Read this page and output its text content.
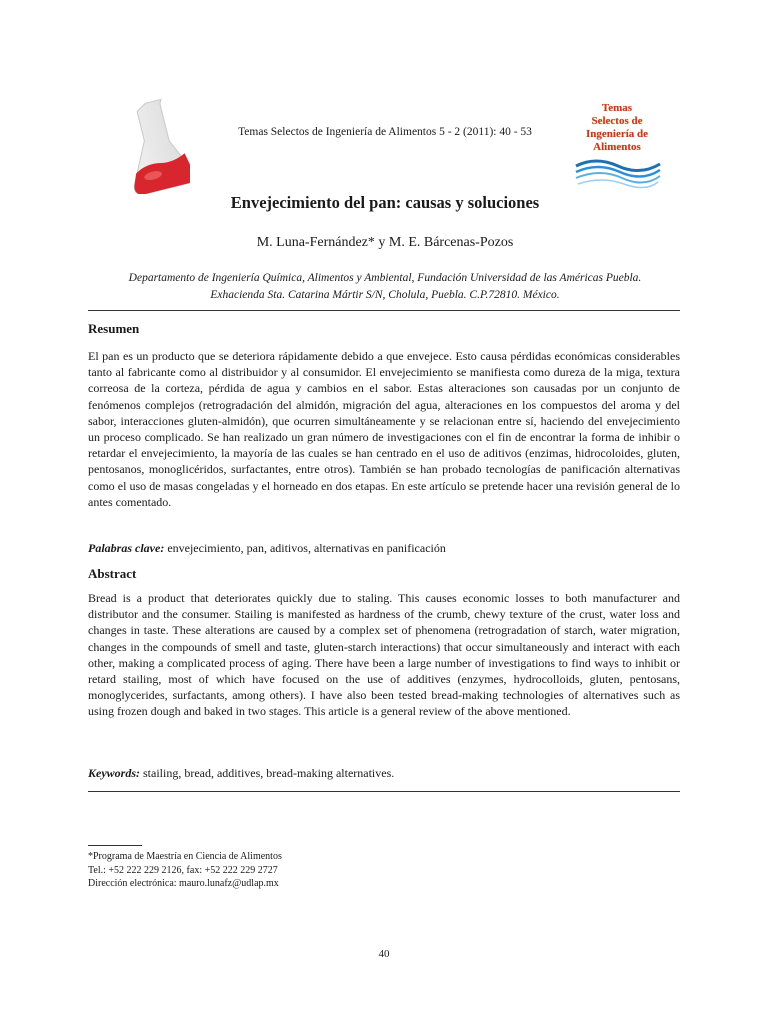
Temas Selectos de Ingeniería de Alimentos 5 - 2 (2011): 40 - 53
Temas
Selectos de
Ingeniería de
Alimentos
Envejecimiento del pan: causas y soluciones
M. Luna-Fernández* y M. E. Bárcenas-Pozos
Departamento de Ingeniería Química, Alimentos y Ambiental, Fundación Universidad de las Américas Puebla.
Exhacienda Sta. Catarina Mártir S/N, Cholula, Puebla. C.P.72810. México.
Resumen

El pan es un producto que se deteriora rápidamente debido a que envejece. Esto causa pérdidas económicas considerables tanto al fabricante como al distribuidor y al consumidor. El envejecimiento se manifiesta como dureza de la miga, textura correosa de la corteza, pérdida de agua y cambios en el sabor. Estas alteraciones son causadas por un conjunto de fenómenos complejos (retrogradación del almidón, migración del agua, alteraciones en los compuestos del aroma y del sabor, interacciones gluten-almidón), que ocurren simultáneamente y se relacionan entre sí, haciendo del envejecimiento un proceso complicado. Se han realizado un gran número de investigaciones con el fin de encontrar la forma de inhibir o retardar el envejecimiento, la mayoría de las cuales se han centrado en el uso de aditivos (enzimas, hidrocoloides, gluten, pentosanos, monoglicéridos, surfactantes, entre otros). También se han probado tecnologías de panificación alternativas como el uso de masas congeladas y el horneado en dos etapas. En este artículo se pretende hacer una revisión general de lo antes comentado.

Palabras clave: envejecimiento, pan, aditivos, alternativas en panificación
Abstract

Bread is a product that deteriorates quickly due to staling. This causes economic losses to both manufacturer and distributor and the consumer. Stailing is manifested as hardness of the crumb, chewy texture of the crust, water loss and changes in taste. These alterations are caused by a complex set of phenomena (retrogradation of starch, water migration, changes in the compounds of smell and taste, gluten-starch interactions) that occur simultaneously and interact with each other, making a complicated process of aging. There have been a large number of investigations to find ways to inhibit or retard stailing, most of which have focused on the use of additives (enzymes, hydrocolloids, gluten, pentosans, monoglycerides, surfactants, among others). I have also been tested bread-making technologies of alternatives such as using frozen dough and baked in two stages. This article is a general review of the above mentioned.

Keywords: stailing, bread, additives, bread-making alternatives.
*Programa de Maestría en Ciencia de Alimentos
Tel.: +52 222 229 2126, fax: +52 222 229 2727
Dirección electrónica: mauro.lunafz@udlap.mx
40
